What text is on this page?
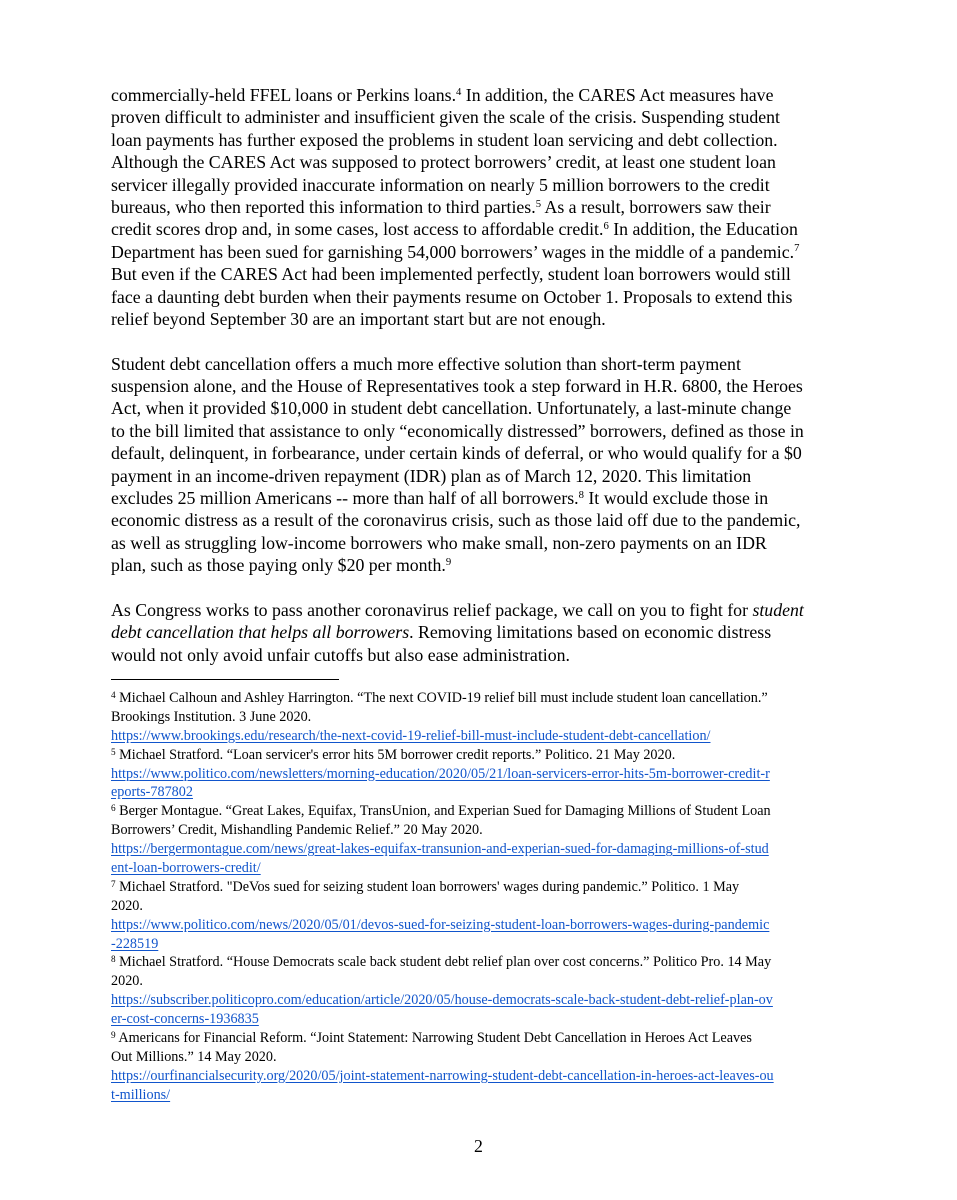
commercially-held FFEL loans or Perkins loans.$^4$ In addition, the CARES Act measures have
proven difficult to administer and insufficient given the scale of the crisis. Suspending student
loan payments has further exposed the problems in student loan servicing and debt collection.
Although the CARES Act was supposed to protect borrowers’ credit, at least one student loan
servicer illegally provided inaccurate information on nearly 5 million borrowers to the credit
bureaus, who then reported this information to third parties.$^5$ As a result, borrowers saw their
credit scores drop and, in some cases, lost access to affordable credit.$^6$ In addition, the Education
Department has been sued for garnishing 54,000 borrowers’ wages in the middle of a pandemic.$^7$
But even if the CARES Act had been implemented perfectly, student loan borrowers would still
face a daunting debt burden when their payments resume on October 1. Proposals to extend this
relief beyond September 30 are an important start but are not enough.

Student debt cancellation offers a much more effective solution than short-term payment
suspension alone, and the House of Representatives took a step forward in H.R. 6800, the Heroes
Act, when it provided $10,000 in student debt cancellation. Unfortunately, a last-minute change
to the bill limited that assistance to only “economically distressed” borrowers, defined as those in
default, delinquent, in forbearance, under certain kinds of deferral, or who would qualify for a $0
payment in an income-driven repayment (IDR) plan as of March 12, 2020. This limitation
excludes 25 million Americans -- more than half of all borrowers.$^8$ It would exclude those in
economic distress as a result of the coronavirus crisis, such as those laid off due to the pandemic,
as well as struggling low-income borrowers who make small, non-zero payments on an IDR
plan, such as those paying only $20 per month.$^9$

As Congress works to pass another coronavirus relief package, we call on you to fight for student
debt cancellation that helps all borrowers. Removing limitations based on economic distress
would not only avoid unfair cutoffs but also ease administration.

$^4$ Michael Calhoun and Ashley Harrington. “The next COVID-19 relief bill must include student loan cancellation.”
Brookings Institution. 3 June 2020.
https://www.brookings.edu/research/the-next-covid-19-relief-bill-must-include-student-debt-cancellation/
$^5$ Michael Stratford. “Loan servicer's error hits 5M borrower credit reports.” Politico. 21 May 2020.
https://www.politico.com/newsletters/morning-education/2020/05/21/loan-servicers-error-hits-5m-borrower-credit-r
eports-787802
$^6$ Berger Montague. “Great Lakes, Equifax, TransUnion, and Experian Sued for Damaging Millions of Student Loan
Borrowers’ Credit, Mishandling Pandemic Relief.” 20 May 2020.
https://bergermontague.com/news/great-lakes-equifax-transunion-and-experian-sued-for-damaging-millions-of-stud
ent-loan-borrowers-credit/
$^7$ Michael Stratford. "DeVos sued for seizing student loan borrowers' wages during pandemic.” Politico. 1 May
2020.
https://www.politico.com/news/2020/05/01/devos-sued-for-seizing-student-loan-borrowers-wages-during-pandemic
-228519
$^8$ Michael Stratford. “House Democrats scale back student debt relief plan over cost concerns.” Politico Pro. 14 May
2020.
https://subscriber.politicopro.com/education/article/2020/05/house-democrats-scale-back-student-debt-relief-plan-ov
er-cost-concerns-1936835
$^9$ Americans for Financial Reform. “Joint Statement: Narrowing Student Debt Cancellation in Heroes Act Leaves
Out Millions.” 14 May 2020.
https://ourfinancialsecurity.org/2020/05/joint-statement-narrowing-student-debt-cancellation-in-heroes-act-leaves-ou
t-millions/
2
